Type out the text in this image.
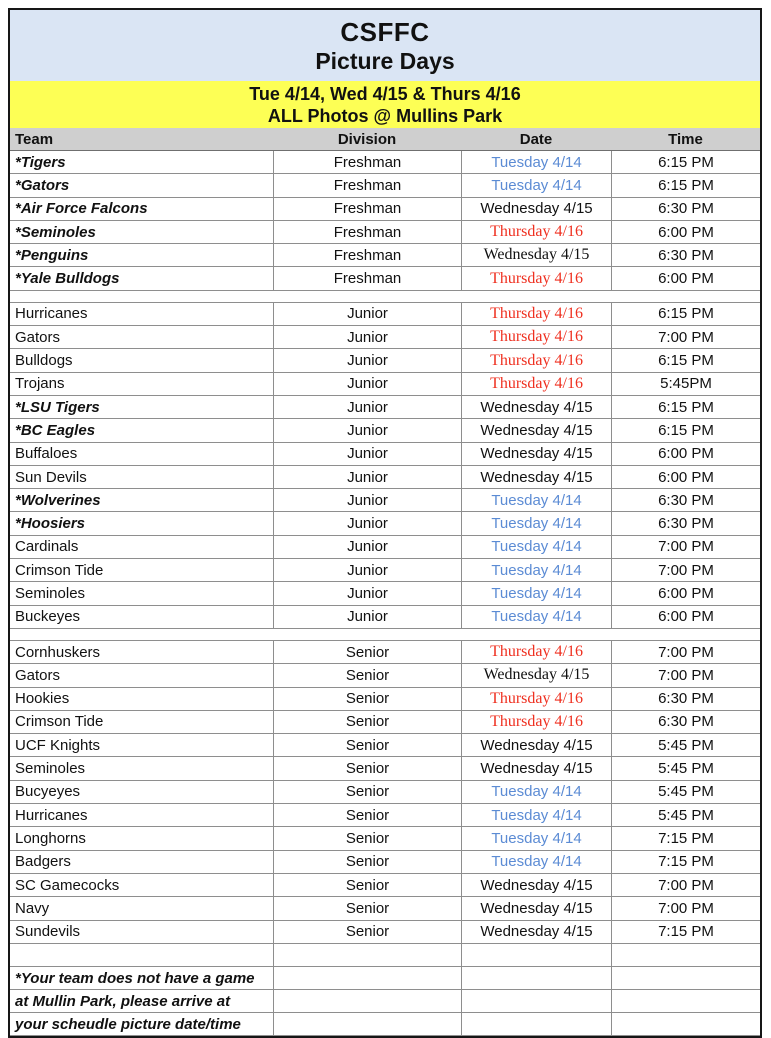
CSFFC
Picture Days
Tue 4/14, Wed 4/15 & Thurs 4/16
ALL Photos @ Mullins Park
Team	Division	Date	Time
*Tigers	Freshman	Tuesday 4/14	6:15 PM
*Gators	Freshman	Tuesday 4/14	6:15 PM
*Air Force Falcons	Freshman	Wednesday 4/15	6:30 PM
*Seminoles	Freshman	Thursday 4/16	6:00 PM
*Penguins	Freshman	Wednesday 4/15	6:30 PM
*Yale Bulldogs	Freshman	Thursday 4/16	6:00 PM
Hurricanes	Junior	Thursday 4/16	6:15 PM
Gators	Junior	Thursday 4/16	7:00 PM
Bulldogs	Junior	Thursday 4/16	6:15 PM
Trojans	Junior	Thursday 4/16	5:45PM
*LSU Tigers	Junior	Wednesday 4/15	6:15 PM
*BC Eagles	Junior	Wednesday 4/15	6:15 PM
Buffaloes	Junior	Wednesday 4/15	6:00 PM
Sun Devils	Junior	Wednesday 4/15	6:00 PM
*Wolverines	Junior	Tuesday 4/14	6:30 PM
*Hoosiers	Junior	Tuesday 4/14	6:30 PM
Cardinals	Junior	Tuesday 4/14	7:00 PM
Crimson Tide	Junior	Tuesday 4/14	7:00 PM
Seminoles	Junior	Tuesday 4/14	6:00 PM
Buckeyes	Junior	Tuesday 4/14	6:00 PM
Cornhuskers	Senior	Thursday 4/16	7:00 PM
Gators	Senior	Wednesday 4/15	7:00 PM
Hookies	Senior	Thursday 4/16	6:30 PM
Crimson Tide	Senior	Thursday 4/16	6:30 PM
UCF Knights	Senior	Wednesday 4/15	5:45 PM
Seminoles	Senior	Wednesday 4/15	5:45 PM
Bucyeyes	Senior	Tuesday 4/14	5:45 PM
Hurricanes	Senior	Tuesday 4/14	5:45 PM
Longhorns	Senior	Tuesday 4/14	7:15 PM
Badgers	Senior	Tuesday 4/14	7:15 PM
SC Gamecocks	Senior	Wednesday 4/15	7:00 PM
Navy	Senior	Wednesday 4/15	7:00 PM
Sundevils	Senior	Wednesday 4/15	7:15 PM
*Your team does not have a game
at Mullin Park, please arrive at
your scheudle picture date/time
